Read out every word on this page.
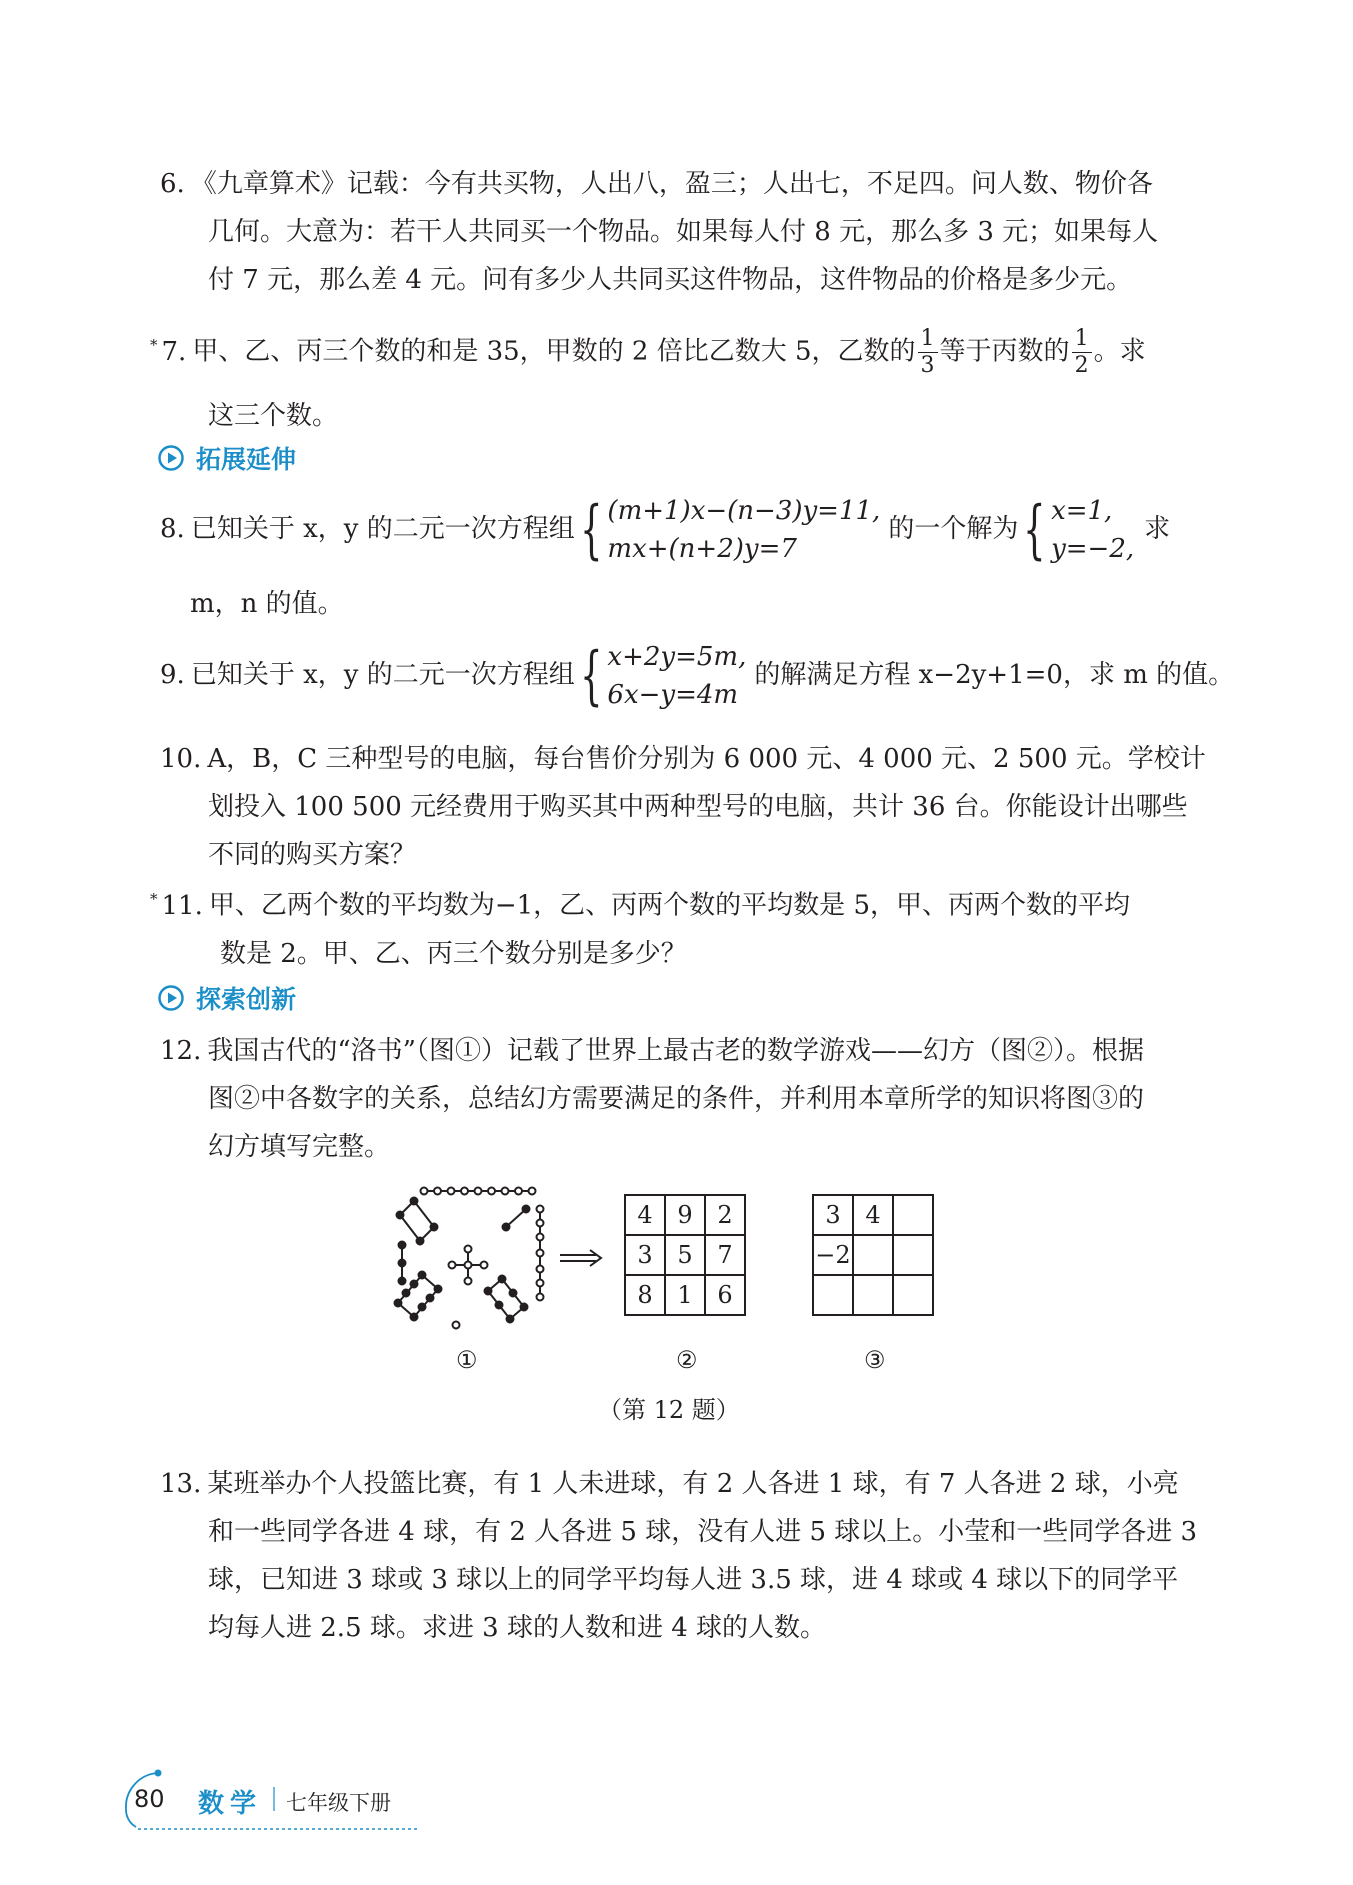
6. 《九章算术》记载：今有共买物，人出八，盈三；人出七，不足四。问人数、物价各
几何。大意为：若干人共同买一个物品。如果每人付 8 元，那么多 3 元；如果每人
付 7 元，那么差 4 元。问有多少人共同买这件物品，这件物品的价格是多少元。
* 7. 甲、乙、丙三个数的和是 35，甲数的 2 倍比乙数大 5，乙数的 $\frac{1}{3}$ 等于丙数的 $\frac{1}{2}$ 。求
这三个数。
拓展延伸
8. 已知关于 x，y 的二元一次方程组 { (m+1)x−(n−3)y=11,
mx+(n+2)y=7
的一个解为 { x=1,
y=−2,
求
m，n 的值。
9. 已知关于 x，y 的二元一次方程组 { x+2y=5m,
6x−y=4m
的解满足方程 x−2y+1=0，求 m 的值。
10. A，B，C 三种型号的电脑，每台售价分别为 6 000 元、4 000 元、2 500 元。学校计
划投入 100 500 元经费用于购买其中两种型号的电脑，共计 36 台。你能设计出哪些
不同的购买方案？
* 11. 甲、乙两个数的平均数为−1，乙、丙两个数的平均数是 5，甲、丙两个数的平均
数是 2。甲、乙、丙三个数分别是多少？
探索创新
12. 我国古代的“洛书”（图①）记载了世界上最古老的数学游戏——幻方（图②）。根据
图②中各数字的关系，总结幻方需要满足的条件，并利用本章所学的知识将图③的
幻方填写完整。
4	9	2
3	5	7
8	1	6
3	4	
−2		

①	②	③
（第 12 题）
13. 某班举办个人投篮比赛，有 1 人未进球，有 2 人各进 1 球，有 7 人各进 2 球，小亮
和一些同学各进 4 球，有 2 人各进 5 球，没有人进 5 球以上。小莹和一些同学各进 3
球，已知进 3 球或 3 球以上的同学平均每人进 3.5 球，进 4 球或 4 球以下的同学平
均每人进 2.5 球。求进 3 球的人数和进 4 球的人数。
80 数学 七年级下册
